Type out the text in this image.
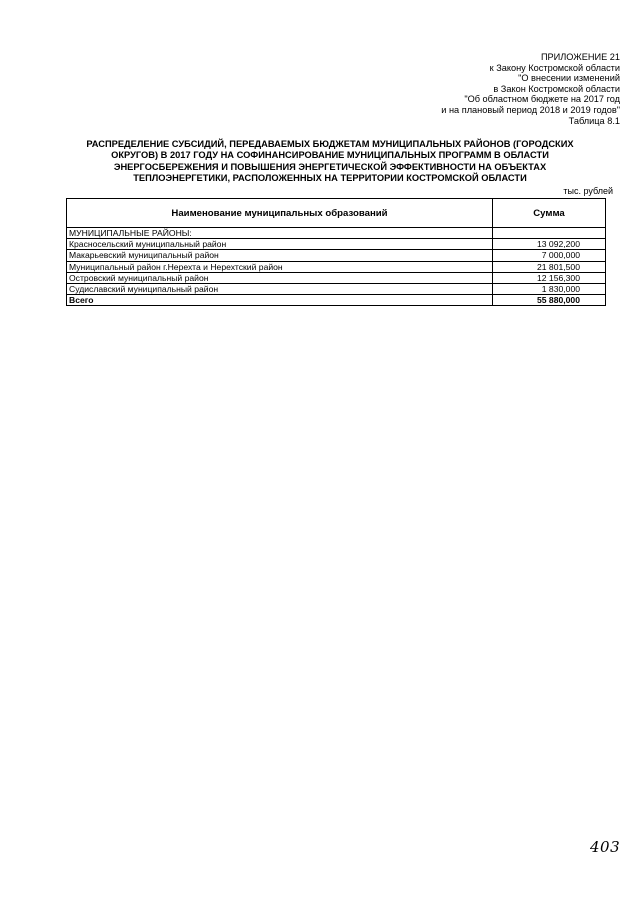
ПРИЛОЖЕНИЕ 21
к Закону Костромской области
"О внесении изменений
в Закон Костромской области
"Об областном бюджете на 2017 год
и на плановый период 2018 и 2019 годов"
Таблица 8.1
РАСПРЕДЕЛЕНИЕ СУБСИДИЙ, ПЕРЕДАВАЕМЫХ БЮДЖЕТАМ МУНИЦИПАЛЬНЫХ РАЙОНОВ (ГОРОДСКИХ
ОКРУГОВ) В 2017 ГОДУ НА СОФИНАНСИРОВАНИЕ МУНИЦИПАЛЬНЫХ ПРОГРАММ В ОБЛАСТИ
ЭНЕРГОСБЕРЕЖЕНИЯ И ПОВЫШЕНИЯ ЭНЕРГЕТИЧЕСКОЙ ЭФФЕКТИВНОСТИ НА ОБЪЕКТАХ
ТЕПЛОЭНЕРГЕТИКИ, РАСПОЛОЖЕННЫХ НА ТЕРРИТОРИИ КОСТРОМСКОЙ ОБЛАСТИ
тыс. рублей
Наименование муниципальных образований	Сумма
МУНИЦИПАЛЬНЫЕ РАЙОНЫ:	
Красносельский муниципальный район	13 092,200
Макарьевский муниципальный район	7 000,000
Муниципальный район г.Нерехта и Нерехтский район	21 801,500
Островский муниципальный район	12 156,300
Судиславский муниципальный район	1 830,000
Всего	55 880,000
403
